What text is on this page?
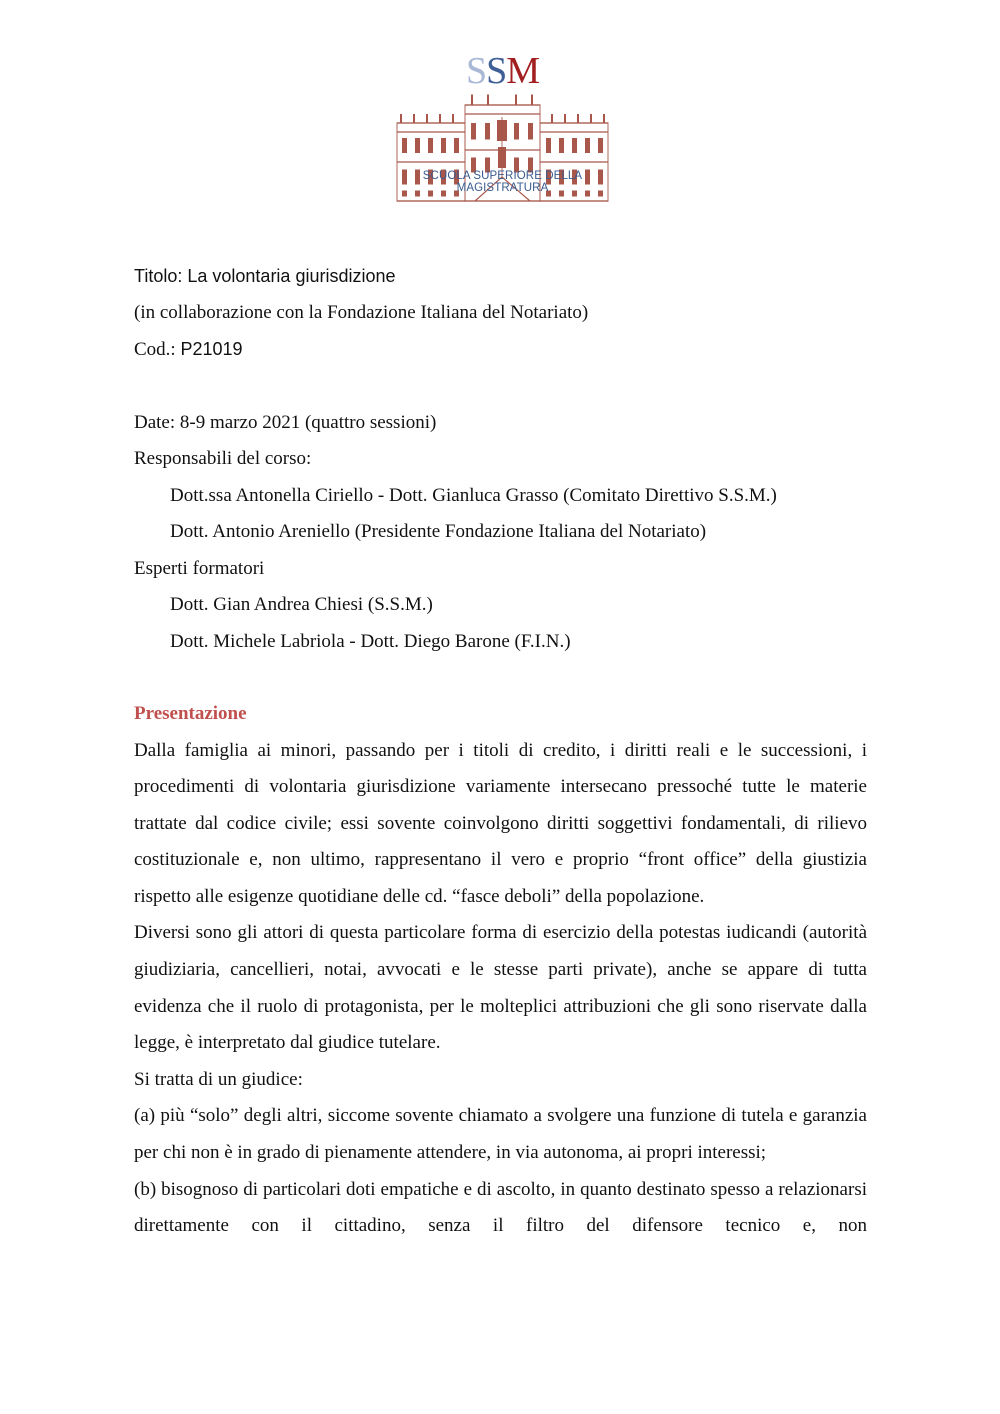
SSM
SCUOLA SUPERIORE DELLA MAGISTRATURA
Titolo: La volontaria giurisdizione
(in collaborazione con la Fondazione Italiana del Notariato)
Cod.: P21019
Date: 8-9 marzo 2021 (quattro sessioni)
Responsabili del corso:
Dott.ssa Antonella Ciriello - Dott. Gianluca Grasso (Comitato Direttivo S.S.M.)
Dott. Antonio Areniello (Presidente Fondazione Italiana del Notariato)
Esperti formatori
Dott. Gian Andrea Chiesi (S.S.M.)
Dott. Michele Labriola - Dott. Diego Barone (F.I.N.)
Presentazione

Dalla famiglia ai minori, passando per i titoli di credito, i diritti reali e le successioni, i procedimenti di volontaria giurisdizione variamente intersecano pressoché tutte le materie trattate dal codice civile; essi sovente coinvolgono diritti soggettivi fondamentali, di rilievo costituzionale e, non ultimo, rappresentano il vero e proprio “front office” della giustizia rispetto alle esigenze quotidiane delle cd. “fasce deboli” della popolazione.

Diversi sono gli attori di questa particolare forma di esercizio della potestas iudicandi (autorità giudiziaria, cancellieri, notai, avvocati e le stesse parti private), anche se appare di tutta evidenza che il ruolo di protagonista, per le molteplici attribuzioni che gli sono riservate dalla legge, è interpretato dal giudice tutelare.

Si tratta di un giudice:

(a) più “solo” degli altri, siccome sovente chiamato a svolgere una funzione di tutela e garanzia per chi non è in grado di pienamente attendere, in via autonoma, ai propri interessi;

(b) bisognoso di particolari doti empatiche e di ascolto, in quanto destinato spesso a relazionarsi direttamente con il cittadino, senza il filtro del difensore tecnico e, non
